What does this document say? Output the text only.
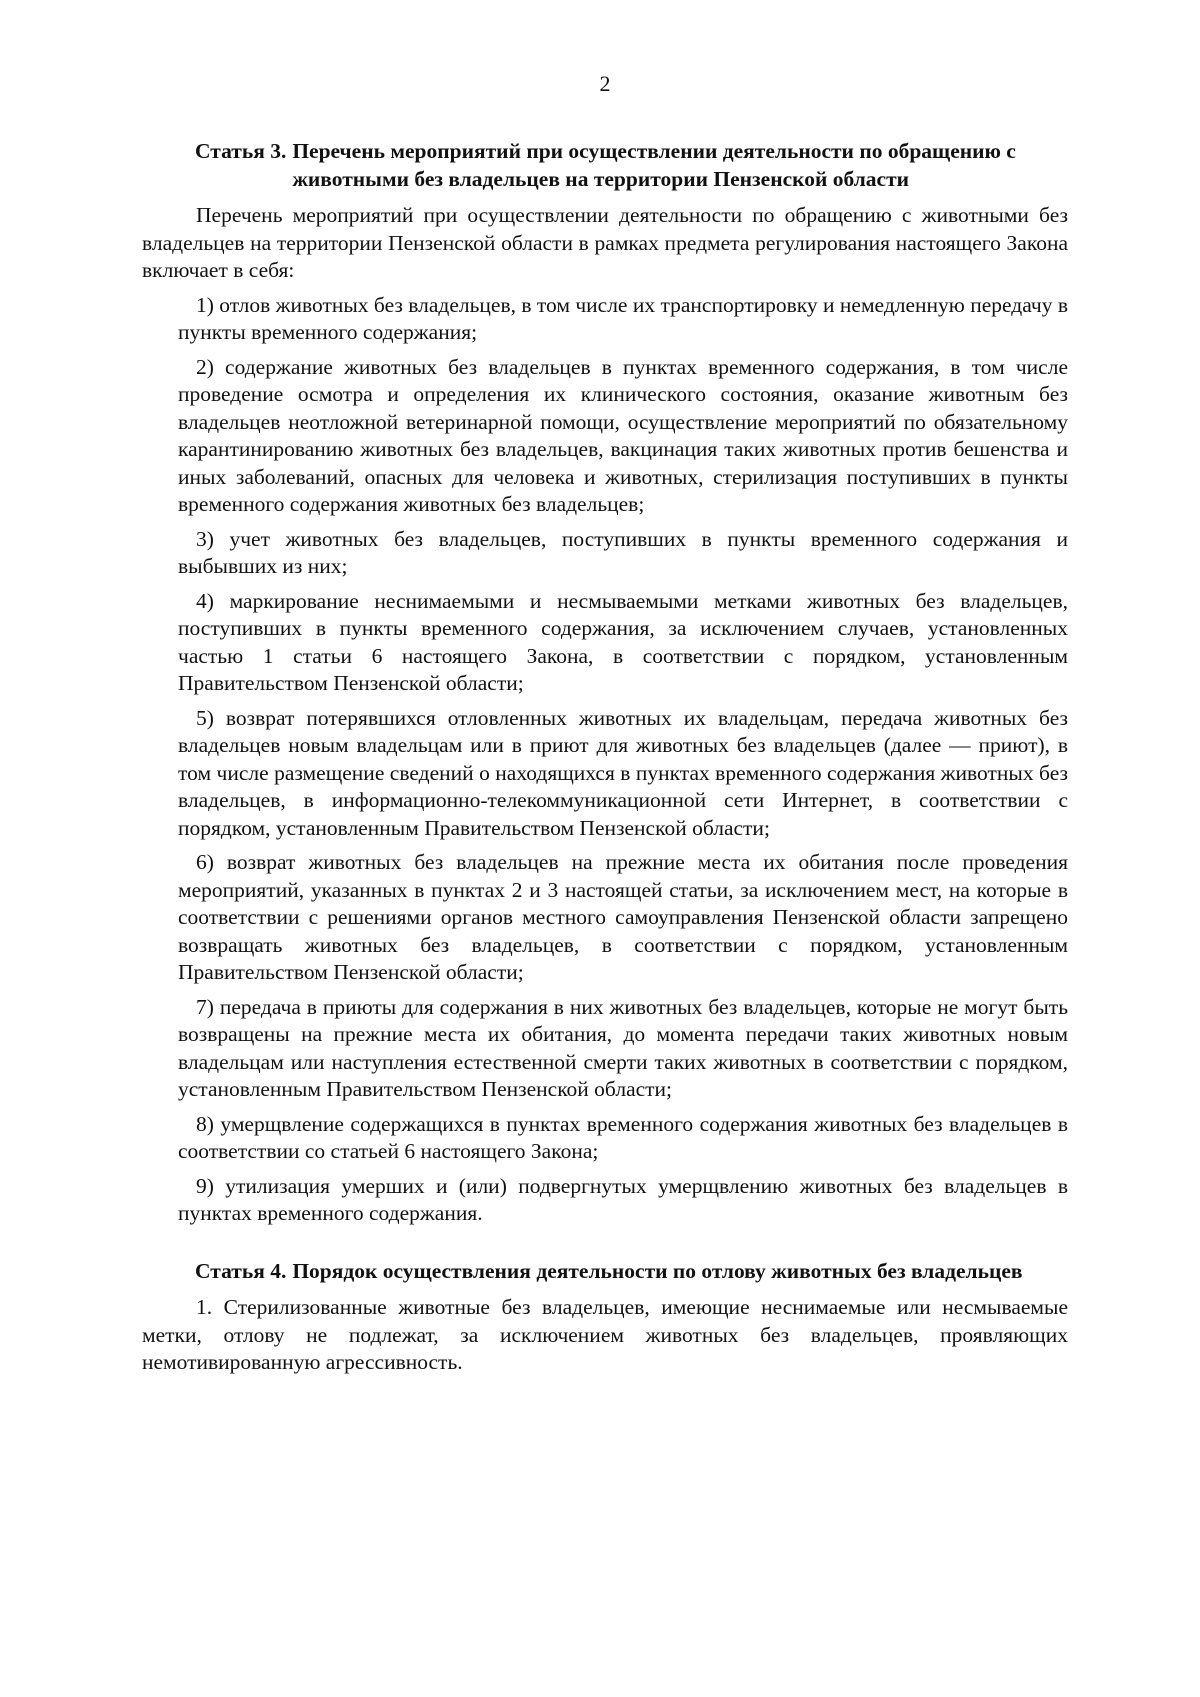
2
Статья 3. Перечень мероприятий при осуществлении деятельности по обращению с животными без владельцев на территории Пензенской области

Перечень мероприятий при осуществлении деятельности по обращению с животными без владельцев на территории Пензенской области в рамках предмета регулирования настоящего Закона включает в себя:

1) отлов животных без владельцев, в том числе их транспортировку и немедленную передачу в пункты временного содержания;

2) содержание животных без владельцев в пунктах временного содержания, в том числе проведение осмотра и определения их клинического состояния, оказание животным без владельцев неотложной ветеринарной помощи, осуществление мероприятий по обязательному карантинированию животных без владельцев, вакцинация таких животных против бешенства и иных заболеваний, опасных для человека и животных, стерилизация поступивших в пункты временного содержания животных без владельцев;

3) учет животных без владельцев, поступивших в пункты временного содержания и выбывших из них;

4) маркирование неснимаемыми и несмываемыми метками животных без владельцев, поступивших в пункты временного содержания, за исключением случаев, установленных частью 1 статьи 6 настоящего Закона, в соответствии с порядком, установленным Правительством Пензенской области;

5) возврат потерявшихся отловленных животных их владельцам, передача животных без владельцев новым владельцам или в приют для животных без владельцев (далее — приют), в том числе размещение сведений о находящихся в пунктах временного содержания животных без владельцев, в информационно-телекоммуникационной сети Интернет, в соответствии с порядком, установленным Правительством Пензенской области;

6) возврат животных без владельцев на прежние места их обитания после проведения мероприятий, указанных в пунктах 2 и 3 настоящей статьи, за исключением мест, на которые в соответствии с решениями органов местного самоуправления Пензенской области запрещено возвращать животных без владельцев, в соответствии с порядком, установленным Правительством Пензенской области;

7) передача в приюты для содержания в них животных без владельцев, которые не могут быть возвращены на прежние места их обитания, до момента передачи таких животных новым владельцам или наступления естественной смерти таких животных в соответствии с порядком, установленным Правительством Пензенской области;

8) умерщвление содержащихся в пунктах временного содержания животных без владельцев в соответствии со статьей 6 настоящего Закона;

9) утилизация умерших и (или) подвергнутых умерщвлению животных без владельцев в пунктах временного содержания.

Статья 4. Порядок осуществления деятельности по отлову животных без владельцев

1. Стерилизованные животные без владельцев, имеющие неснимаемые или несмываемые метки, отлову не подлежат, за исключением животных без владельцев, проявляющих немотивированную агрессивность.
